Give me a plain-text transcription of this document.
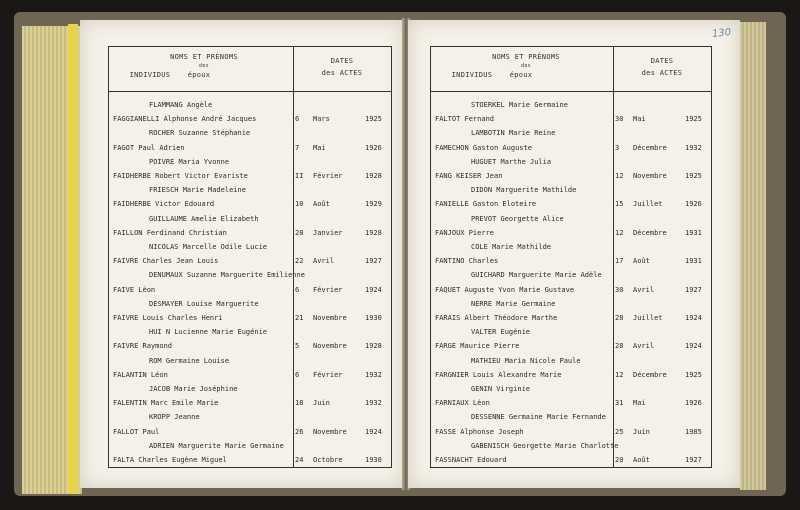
NOMS ET PRÉNOMS
des
INDIVIDUS	époux
DATES
des ACTES
FLAMMANG Angèle
FAGGIANELLI Alphonse André Jacques	6 Mars	1925
ROCHER Suzanne Stéphanie
FAGOT Paul Adrien	7 Mai	1926
POIVRE Maria Yvonne
FAIDHERBE Robert Victor Evariste	II Février	1928
FRIESCH Marie Madeleine
FAIDHERBE Victor Edouard	10 Août	1929
GUILLAUME Amelie Elizabeth
FAILLON Ferdinand Christian	28 Janvier	1928
NICOLAS Marcelle Odile Lucie
FAIVRE Charles Jean Louis	22 Avril	1927
DENUMAUX Suzanne Marguerite Emilienne
FAIVE Léon	6 Février	1924
DESMAYER Louise Marguerite
FAIVRE Louis Charles Henri	21 Novembre	1930
HUI N Lucienne Marie Eugénie
FAIVRE Raymond	5 Novembre	1928
ROM Germaine Louise
FALANTIN Léon	6 Février	1932
JACOB Marie Joséphine
FALENTIN Marc Emile Marie	18 Juin	1932
KROPP Jeanne
FALLOT Paul	26 Novembre	1924
ADRIEN Marguerite Marie Germaine
FALTA Charles Eugène Miguel	24 Octobre	1930
NOMS ET PRÉNOMS
des
INDIVIDUS	époux
DATES
des ACTES
STOERKEL Marie Germaine
FALTOT Fernand	30 Mai	1925
LAMBOTIN Marie Reine
FAMECHON Gaston Auguste	3 Décembre	1932
HUGUET Marthe Julia
FANG KEISER Jean	12 Novembre	1925
DIDON Marguerite Mathilde
FANIELLE Gaston Eloteire	15 Juillet	1926
PREVOT Georgette Alice
FANJOUX Pierre	12 Décembre	1931
COLE Marie Mathilde
FANTINO Charles	17 Août	1931
GUICHARD Marguerite Marie Adèle
FAQUET Auguste Yvon Marie Gustave	30 Avril	1927
NERRE Marie Germaine
FARAIS Albert Théodore Marthe	28 Juillet	1924
VALTER Eugénie
FARGE Maurice Pierre	28 Avril	1924
MATHIEU Maria Nicole Paule
FARGNIER Louis Alexandre Marie	12 Décembre	1925
GENIN Virginie
FARNIAUX Léon	31 Mai	1926
DESSENNE Germaine Marie Fernande
FASSE Alphonse Joseph	25 Juin	1985
GABENISCH Georgette Marie Charlotte
FASSNACHT Edouard	20 Août	1927
130
